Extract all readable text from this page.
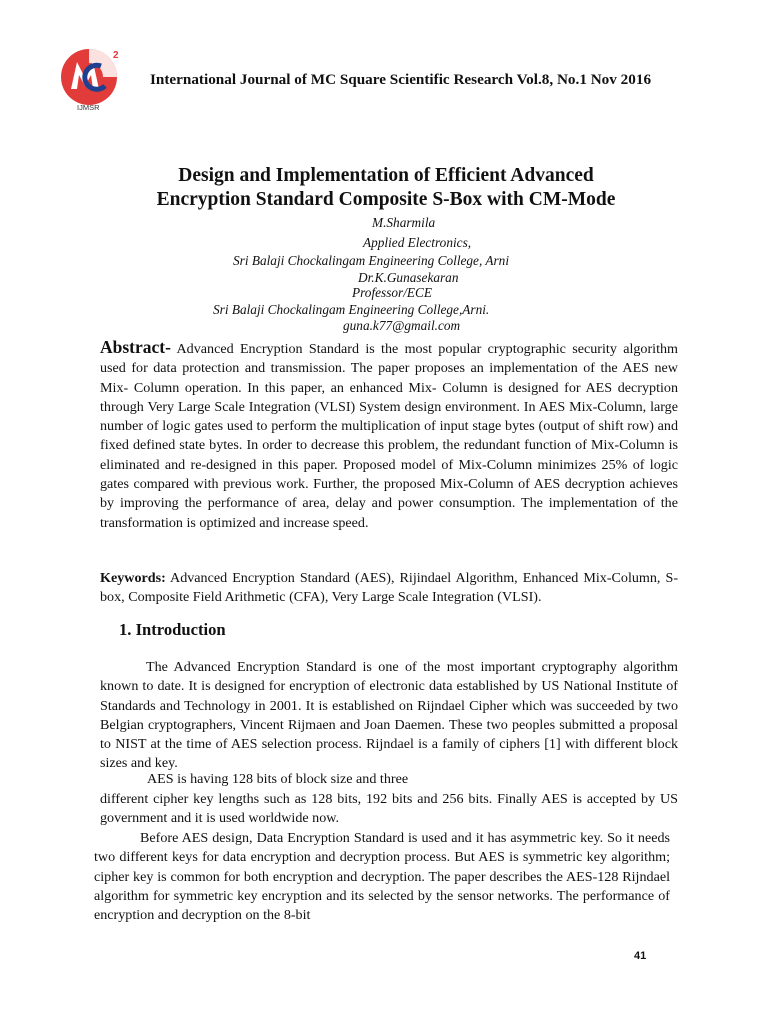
2
IJMSR
International Journal of MC Square Scientific Research Vol.8, No.1 Nov 2016
Design and Implementation of Efficient Advanced
Encryption Standard Composite S-Box with CM-Mode
M.Sharmila
Applied Electronics,
Sri Balaji Chockalingam Engineering College, Arni
Dr.K.Gunasekaran
Professor/ECE
Sri Balaji Chockalingam Engineering College,Arni.
guna.k77@gmail.com

Abstract- Advanced Encryption Standard is the most popular cryptographic security algorithm used for data protection and transmission. The paper proposes an implementation of the AES new Mix- Column operation. In this paper, an enhanced Mix- Column is designed for AES decryption through Very Large Scale Integration (VLSI) System design environment. In AES Mix-Column, large number of logic gates used to perform the multiplication of input stage bytes (output of shift row) and fixed defined state bytes. In order to decrease this problem, the redundant function of Mix-Column is eliminated and re-designed in this paper. Proposed model of Mix-Column minimizes 25% of logic gates compared with previous work. Further, the proposed Mix-Column of AES decryption achieves by improving the performance of area, delay and power consumption. The implementation of the transformation is optimized and increase speed.

Keywords: Advanced Encryption Standard (AES), Rijindael Algorithm, Enhanced Mix-Column, S-box, Composite Field Arithmetic (CFA), Very Large Scale Integration (VLSI).

1. Introduction

The Advanced Encryption Standard is one of the most important cryptography algorithm known to date. It is designed for encryption of electronic data established by US National Institute of Standards and Technology in 2001. It is established on Rijndael Cipher which was succeeded by two Belgian cryptographers, Vincent Rijmaen and Joan Daemen. These two peoples submitted a proposal to NIST at the time of AES selection process. Rijndael is a family of ciphers [1] with different block sizes and key.

AES is having 128 bits of block size and three

different cipher key lengths such as 128 bits, 192 bits and 256 bits. Finally AES is accepted by US government and it is used worldwide now.

Before AES design, Data Encryption Standard is used and it has asymmetric key. So it needs two different keys for data encryption and decryption process. But AES is symmetric key algorithm; cipher key is common for both encryption and decryption. The paper describes the AES-128 Rijndael algorithm for symmetric key encryption and its selected by the sensor networks. The performance of encryption and decryption on the 8-bit

41
